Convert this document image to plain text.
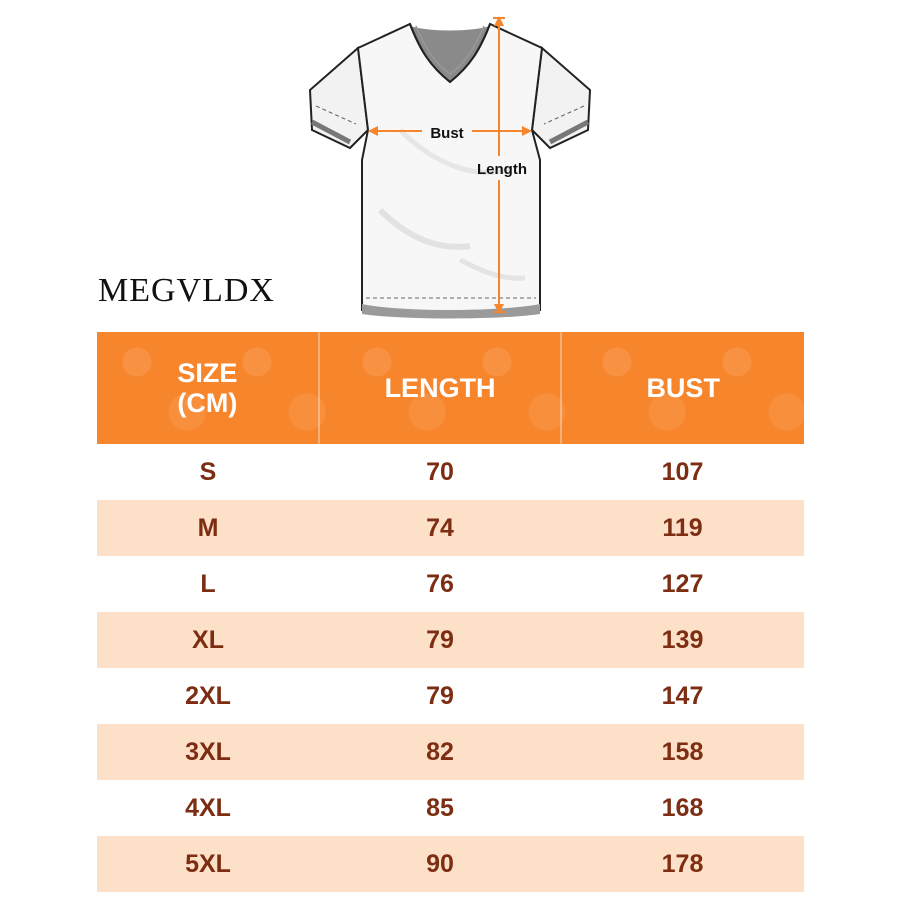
Bust
Length
MEGVLDX
SIZE
(CM)	LENGTH	BUST
S	70	107
M	74	119
L	76	127
XL	79	139
2XL	79	147
3XL	82	158
4XL	85	168
5XL	90	178
